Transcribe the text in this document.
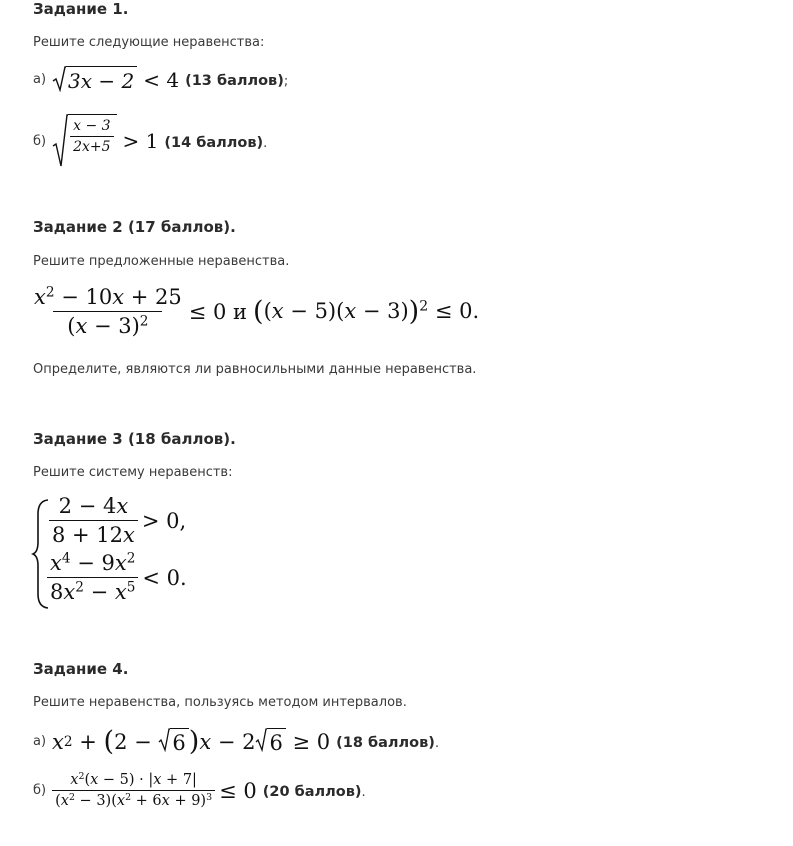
Задание 1.
Решите следующие неравенства:
а) 3x − 2 < 4 (13 баллов);
$б) \frac{x - 3}{2x+5} > 1$ (14 баллов).
Задание 2 (17 баллов).
Решите предложенные неравенства.
$\frac{x^2 - 10x + 25}{(x - 3)^2} \le 0$ и $((x - 5)(x - 3))^2 \le 0$.
Определите, являются ли равносильными данные неравенства.
Задание 3 (18 баллов).
Решите систему неравенств:
$\frac{2 - 4x}{8 + 12x} > 0$,
$\frac{x^4 - 9x^2}{8x^2 - x^5} < 0$.
Задание 4.
Решите неравенства, пользуясь методом интервалов.
а) x 2 + ( 2 − 6 ) x − 2 6 ≥ 0 (18 баллов).
$б) \frac{x^2(x - 5) \cdot |x + 7|}{(x^2 - 3)(x^2 + 6x + 9)^3} \le 0$ (20 баллов).
